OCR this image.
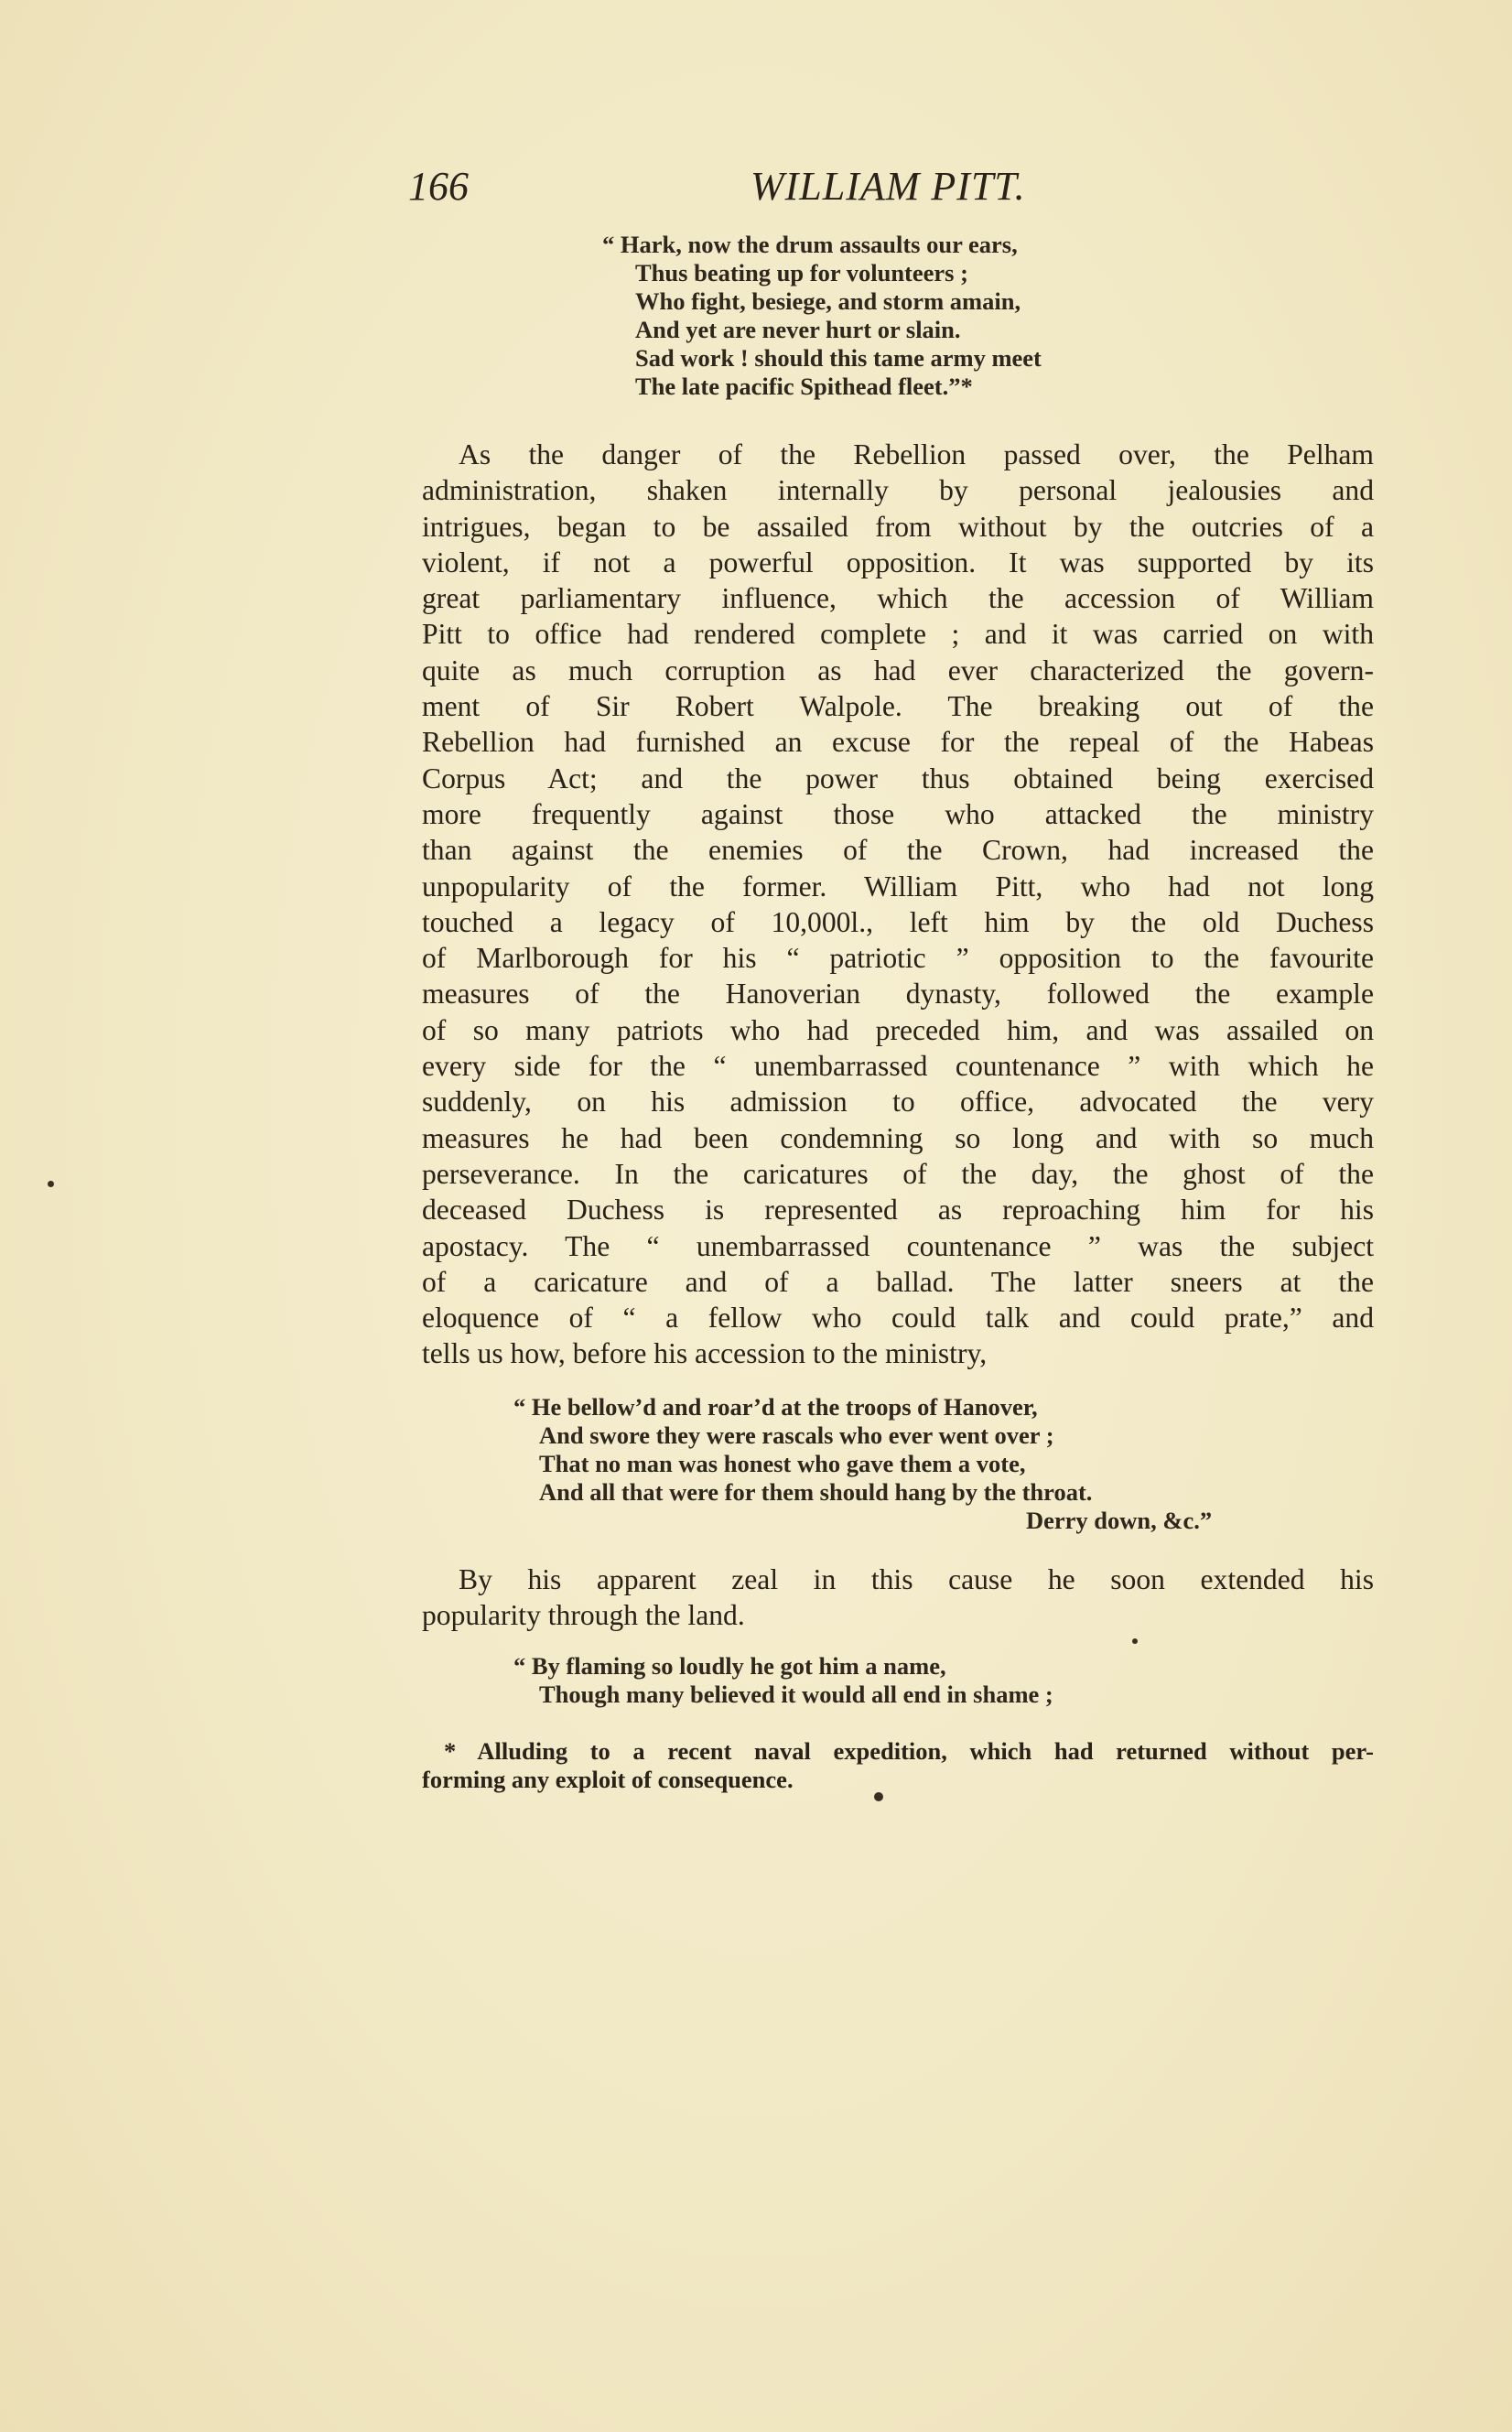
166	WILLIAM PITT.
“ Hark, now the drum assaults our ears,
Thus beating up for volunteers ;
Who fight, besiege, and storm amain,
And yet are never hurt or slain.
Sad work ! should this tame army meet
The late pacific Spithead fleet.”*
As the danger of the Rebellion passed over, the Pelham
administration, shaken internally by personal jealousies and
intrigues, began to be assailed from without by the outcries of a
violent, if not a powerful opposition. It was supported by its
great parliamentary influence, which the accession of William
Pitt to office had rendered complete ; and it was carried on with
quite as much corruption as had ever characterized the govern-
ment of Sir Robert Walpole. The breaking out of the
Rebellion had furnished an excuse for the repeal of the Habeas
Corpus Act; and the power thus obtained being exercised
more frequently against those who attacked the ministry
than against the enemies of the Crown, had increased the
unpopularity of the former. William Pitt, who had not long
touched a legacy of 10,000l., left him by the old Duchess
of Marlborough for his “ patriotic ” opposition to the favourite
measures of the Hanoverian dynasty, followed the example
of so many patriots who had preceded him, and was assailed on
every side for the “ unembarrassed countenance ” with which he
suddenly, on his admission to office, advocated the very
measures he had been condemning so long and with so much
perseverance. In the caricatures of the day, the ghost of the
deceased Duchess is represented as reproaching him for his
apostacy. The “ unembarrassed countenance ” was the subject
of a caricature and of a ballad. The latter sneers at the
eloquence of “ a fellow who could talk and could prate,” and
tells us how, before his accession to the ministry,
“ He bellow’d and roar’d at the troops of Hanover,
And swore they were rascals who ever went over ;
That no man was honest who gave them a vote,
And all that were for them should hang by the throat.
Derry down, &c.”
By his apparent zeal in this cause he soon extended his
popularity through the land.
“ By flaming so loudly he got him a name,
Though many believed it would all end in shame ;
* Alluding to a recent naval expedition, which had returned without per-
forming any exploit of consequence.
